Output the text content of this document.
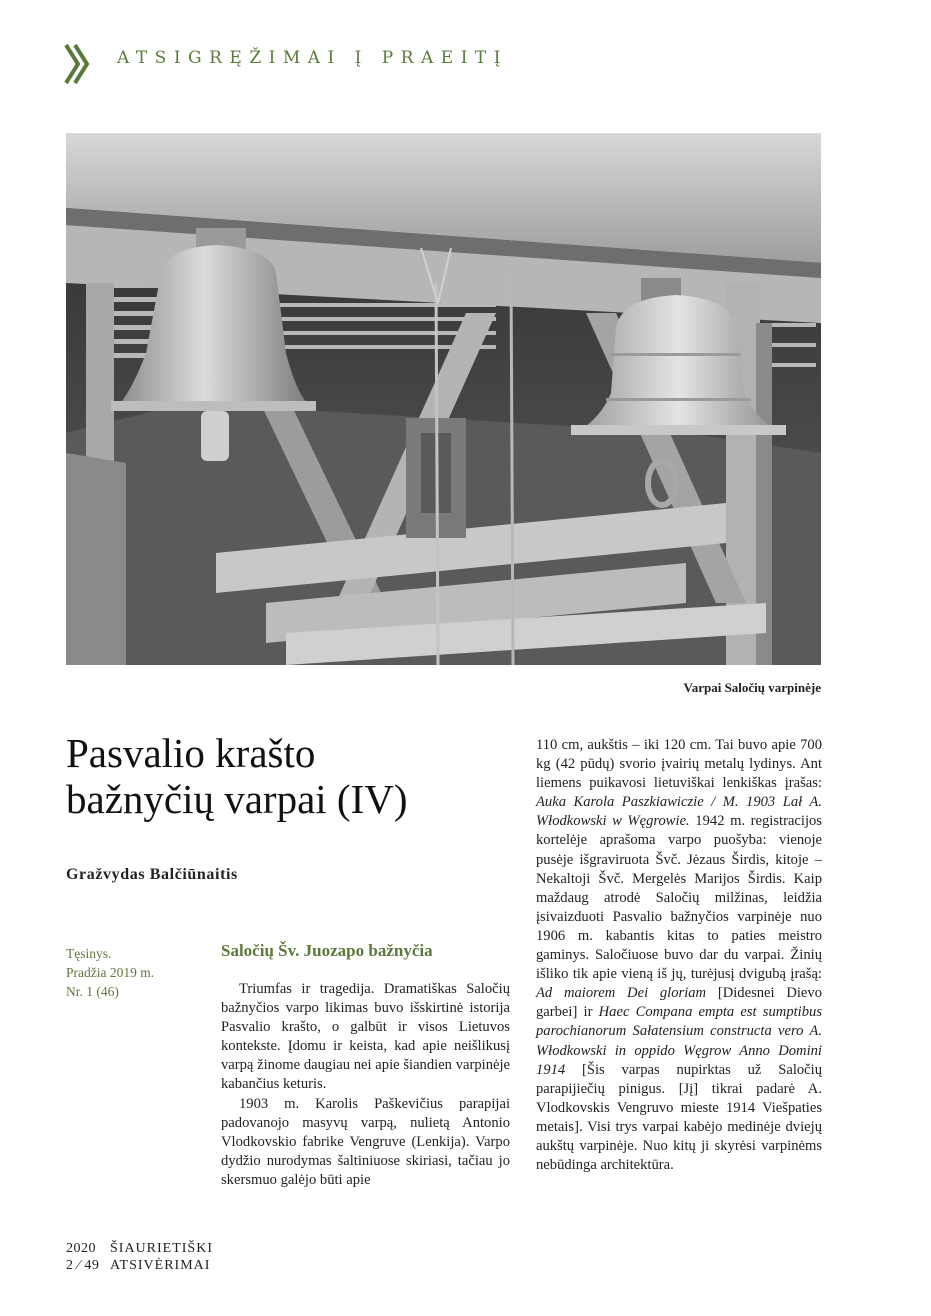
ATSIGRĘŽIMAI Į PRAEITĮ
Varpai Saločių varpinėje
Pasvalio krašto
bažnyčių varpai (IV)
Gražvydas Balčiūnaitis
Tęsinys.
Pradžia 2019 m.
Nr. 1 (46)
Saločių Šv. Juozapo bažnyčia

Triumfas ir tragedija. Dramatiškas Saločių bažnyčios varpo likimas buvo išskirtinė istorija Pasvalio krašto, o galbūt ir visos Lietuvos kontekste. Įdomu ir keista, kad apie neišlikusį varpą žinome daugiau nei apie šiandien varpinėje kabančius keturis.

1903 m. Karolis Paškevičius parapijai padovanojo masyvų varpą, nulietą Antonio Vlodkovskio fabrike Vengruve (Lenkija). Varpo dydžio nurodymas šaltiniuose skiriasi, tačiau jo skersmuo galėjo būti apie

110 cm, aukštis – iki 120 cm. Tai buvo apie 700 kg (42 pūdų) svorio įvairių metalų lydinys. Ant liemens puikavosi lietuviškai lenkiškas įrašas: Auka Karola Paszkiawiczie / M. 1903 Lał A. Włodkowski w Węgrowie. 1942 m. registracijos kortelėje aprašoma varpo puošyba: vienoje pusėje išgraviruota Švč. Jėzaus Širdis, kitoje – Nekaltoji Švč. Mergelės Marijos Širdis. Kaip maždaug atrodė Saločių milžinas, leidžia įsivaizduoti Pasvalio bažnyčios varpinėje nuo 1906 m. kabantis kitas to paties meistro gaminys. Saločiuose buvo dar du varpai. Žinių išliko tik apie vieną iš jų, turėjusį dvigubą įrašą: Ad maiorem Dei gloriam [Didesnei Dievo garbei] ir Haec Compana empta est sumptibus parochianorum Sałatensium constructa vero A. Włodkowski in oppido Węgrow Anno Domini 1914 [Šis varpas nupirktas už Saločių parapijiečių pinigus. [Jį] tikrai padarė A. Vlodkovskis Vengruvo mieste 1914 Viešpaties metais]. Visi trys varpai kabėjo medinėje dviejų aukštų varpinėje. Nuo kitų ji skyrėsi varpinėms nebūdinga architektūra.

2020 ŠIAURIETIŠKI
2 ⁄ 49 ATSIVĖRIMAI
